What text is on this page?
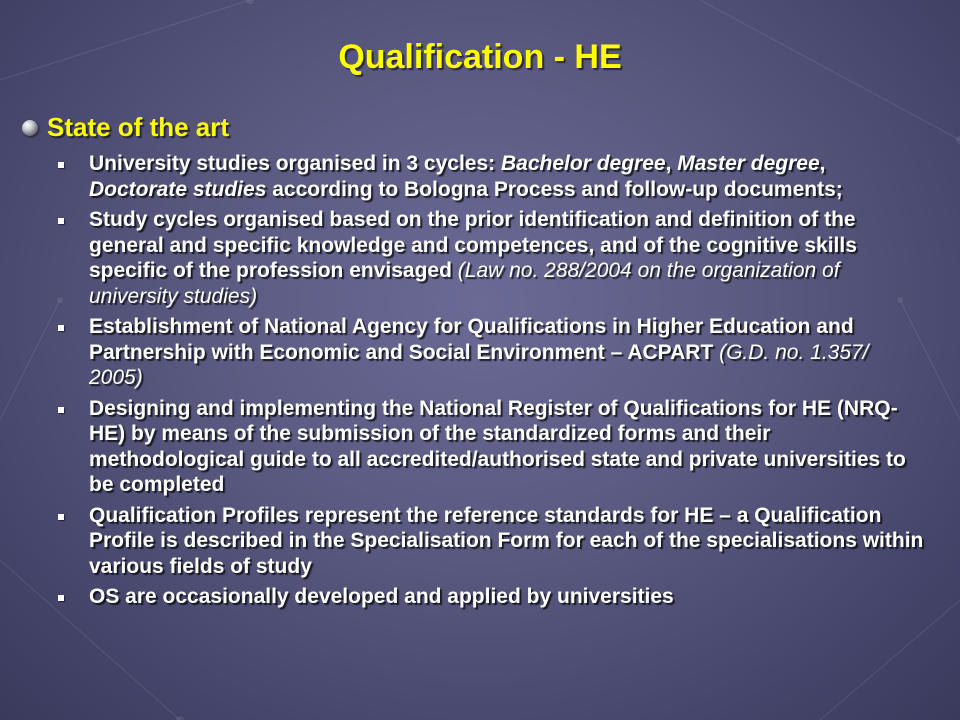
Qualification - HE
State of the art
University studies organised in 3 cycles: Bachelor degree, Master degree, Doctorate studies according to Bologna Process and follow-up documents;
Study cycles organised based on the prior identification and definition of the general and specific knowledge and competences, and of the cognitive skills specific of the profession envisaged (Law no. 288/2004 on the organization of university studies)
Establishment of National Agency for Qualifications in Higher Education and Partnership with Economic and Social Environment – ACPART (G.D. no. 1.357/ 2005)
Designing and implementing the National Register of Qualifications for HE (NRQ-HE) by means of the submission of the standardized forms and their methodological guide to all accredited/authorised state and private universities to be completed
Qualification Profiles represent the reference standards for HE – a Qualification Profile is described in the Specialisation Form for each of the specialisations within various fields of study
OS are occasionally developed and applied by universities
